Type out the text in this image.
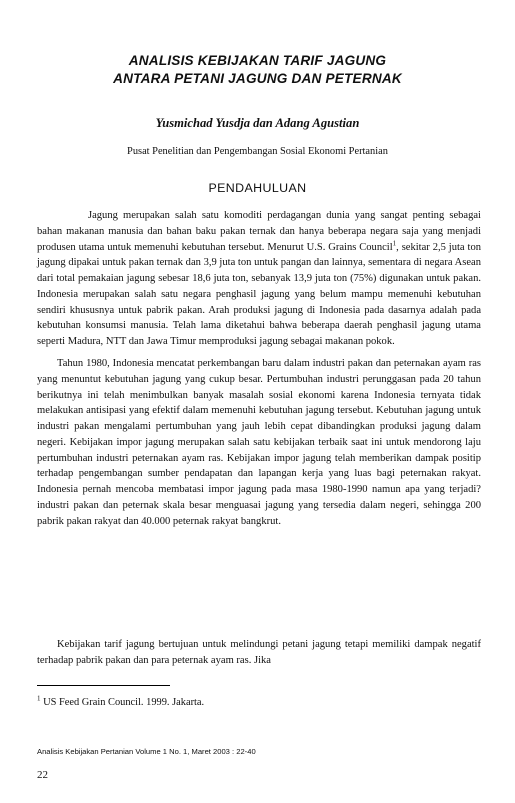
ANALISIS KEBIJAKAN TARIF JAGUNG
ANTARA PETANI JAGUNG DAN PETERNAK
Yusmichad Yusdja dan Adang Agustian
Pusat Penelitian dan Pengembangan Sosial Ekonomi Pertanian
PENDAHULUAN
Jagung merupakan salah satu komoditi perdagangan dunia yang sangat penting sebagai bahan makanan manusia dan bahan baku pakan ternak dan hanya beberapa negara saja yang menjadi produsen utama untuk memenuhi kebutuhan tersebut. Menurut U.S. Grains Council$^1$, sekitar 2,5 juta ton jagung dipakai untuk pakan ternak dan 3,9 juta ton untuk pangan dan lainnya, sementara di negara Asean dari total pemakaian jagung sebesar 18,6 juta ton, sebanyak 13,9 juta ton (75%) digunakan untuk pakan. Indonesia merupakan salah satu negara penghasil jagung yang belum mampu memenuhi kebutuhan sendiri khususnya untuk pabrik pakan. Arah produksi jagung di Indonesia pada dasarnya adalah pada kebutuhan konsumsi manusia. Telah lama diketahui bahwa beberapa daerah penghasil jagung utama seperti Madura, NTT dan Jawa Timur memproduksi jagung sebagai makanan pokok.
Tahun 1980, Indonesia mencatat perkembangan baru dalam industri pakan dan peternakan ayam ras yang menuntut kebutuhan jagung yang cukup besar. Pertumbuhan industri perunggasan pada 20 tahun berikutnya ini telah menimbulkan banyak masalah sosial ekonomi karena Indonesia ternyata tidak melakukan antisipasi yang efektif dalam memenuhi kebutuhan jagung tersebut. Kebutuhan jagung untuk industri pakan mengalami pertumbuhan yang jauh lebih cepat dibandingkan produksi jagung dalam negeri. Kebijakan impor jagung merupakan salah satu kebijakan terbaik saat ini untuk mendorong laju pertumbuhan industri peternakan ayam ras. Kebijakan impor jagung telah memberikan dampak positip terhadap pengembangan sumber pendapatan dan lapangan kerja yang luas bagi peternakan rakyat. Indonesia pernah mencoba membatasi impor jagung pada masa 1980-1990 namun apa yang terjadi? industri pakan dan peternak skala besar menguasai jagung yang tersedia dalam negeri, sehingga 200 pabrik pakan rakyat dan 40.000 peternak rakyat bangkrut.
Kebijakan tarif jagung bertujuan untuk melindungi petani jagung tetapi memiliki dampak negatif terhadap pabrik pakan dan para peternak ayam ras. Jika
$^1$ US Feed Grain Council. 1999. Jakarta.
Analisis Kebijakan Pertanian Volume 1 No. 1, Maret 2003 : 22-40
22
